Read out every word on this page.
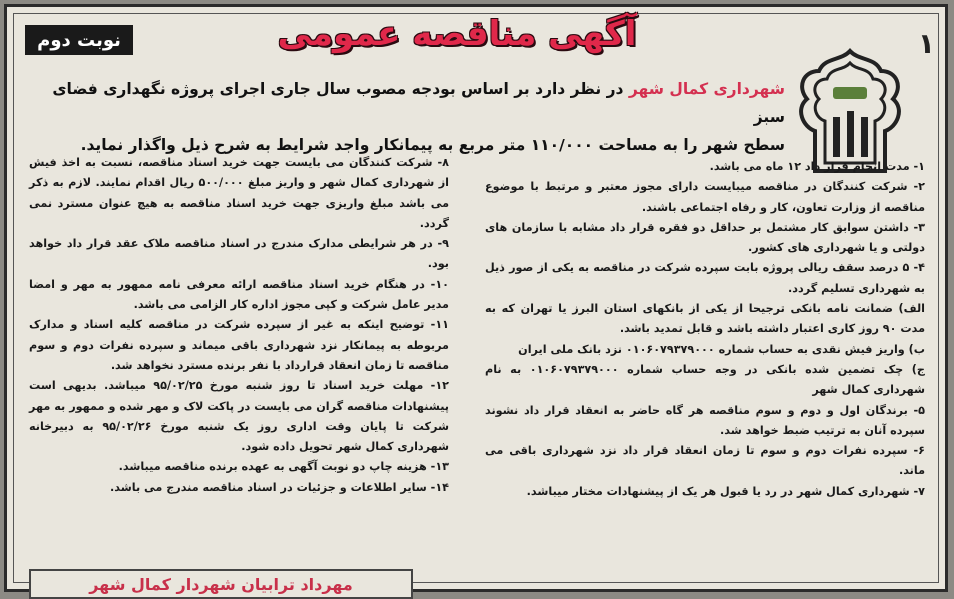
نوبت دوم	آگهی مناقصه عمومی	۱
شهرداری کمال شهر در نظر دارد بر اساس بودجه مصوب سال جاری اجرای پروژه نگهداری فضای سبز
سطح شهر را به مساحت ۱۱۰/۰۰۰ متر مربع به پیمانکار واجد شرایط به شرح ذیل واگذار نماید.

۱- مدت انجام قرار داد ۱۲ ماه می باشد.

۲- شرکت کنندگان در مناقصه میبایست دارای مجوز معتبر و مرتبط با موضوع مناقصه از وزارت تعاون، کار و رفاه اجتماعی باشند.

۳- داشتن سوابق کار مشتمل بر حداقل دو فقره قرار داد مشابه با سازمان های دولتی و یا شهرداری های کشور.

۴- ۵ درصد سقف ریالی پروژه بابت سپرده شرکت در مناقصه به یکی از صور ذیل به شهرداری تسلیم گردد.

الف) ضمانت نامه بانکی ترجیحا از یکی از بانکهای استان البرز یا تهران که به مدت ۹۰ روز کاری اعتبار داشته باشد و قابل تمدید باشد.

ب) واریز فیش نقدی به حساب شماره ۰۱۰۶۰۷۹۳۷۹۰۰۰ نزد بانک ملی ایران

ج) چک تضمین شده بانکی در وجه حساب شماره ۰۱۰۶۰۷۹۳۷۹۰۰۰ به نام شهرداری کمال شهر

۵- برندگان اول و دوم و سوم مناقصه هر گاه حاضر به انعقاد قرار داد نشوند سپرده آنان به ترتیب ضبط خواهد شد.

۶- سپرده نفرات دوم و سوم تا زمان انعقاد قرار داد نزد شهرداری باقی می ماند.

۷- شهرداری کمال شهر در رد یا قبول هر یک از پیشنهادات مختار میباشد.

۸- شرکت کنندگان می بایست جهت خرید اسناد مناقصه، نسبت به اخذ فیش از شهرداری کمال شهر و واریز مبلغ ۵۰۰/۰۰۰ ریال اقدام نمایند. لازم به ذکر می باشد مبلغ واریزی جهت خرید اسناد مناقصه به هیچ عنوان مسترد نمی گردد.

۹- در هر شرایطی مدارک مندرج در اسناد مناقصه ملاک عقد قرار داد خواهد بود.

۱۰- در هنگام خرید اسناد مناقصه ارائه معرفی نامه ممهور به مهر و امضا مدیر عامل شرکت و کپی مجوز اداره کار الزامی می باشد.

۱۱- توضیح اینکه به غیر از سپرده شرکت در مناقصه کلیه اسناد و مدارک مربوطه به پیمانکار نزد شهرداری باقی میماند و سپرده نفرات دوم و سوم مناقصه تا زمان انعقاد قرارداد با نفر برنده مسترد نخواهد شد.

۱۲- مهلت خرید اسناد تا روز شنبه مورخ ۹۵/۰۲/۲۵ میباشد. بدیهی است پیشنهادات مناقصه گران می بایست در پاکت لاک و مهر شده و ممهور به مهر شرکت تا پایان وقت اداری روز یک شنبه مورخ ۹۵/۰۲/۲۶ به دبیرخانه شهرداری کمال شهر تحویل داده شود.

۱۳- هزینه چاپ دو نوبت آگهی به عهده برنده مناقصه میباشد.

۱۴- سایر اطلاعات و جزئیات در اسناد مناقصه مندرج می باشد.

مهرداد ترابیان شهردار کمال شهر
